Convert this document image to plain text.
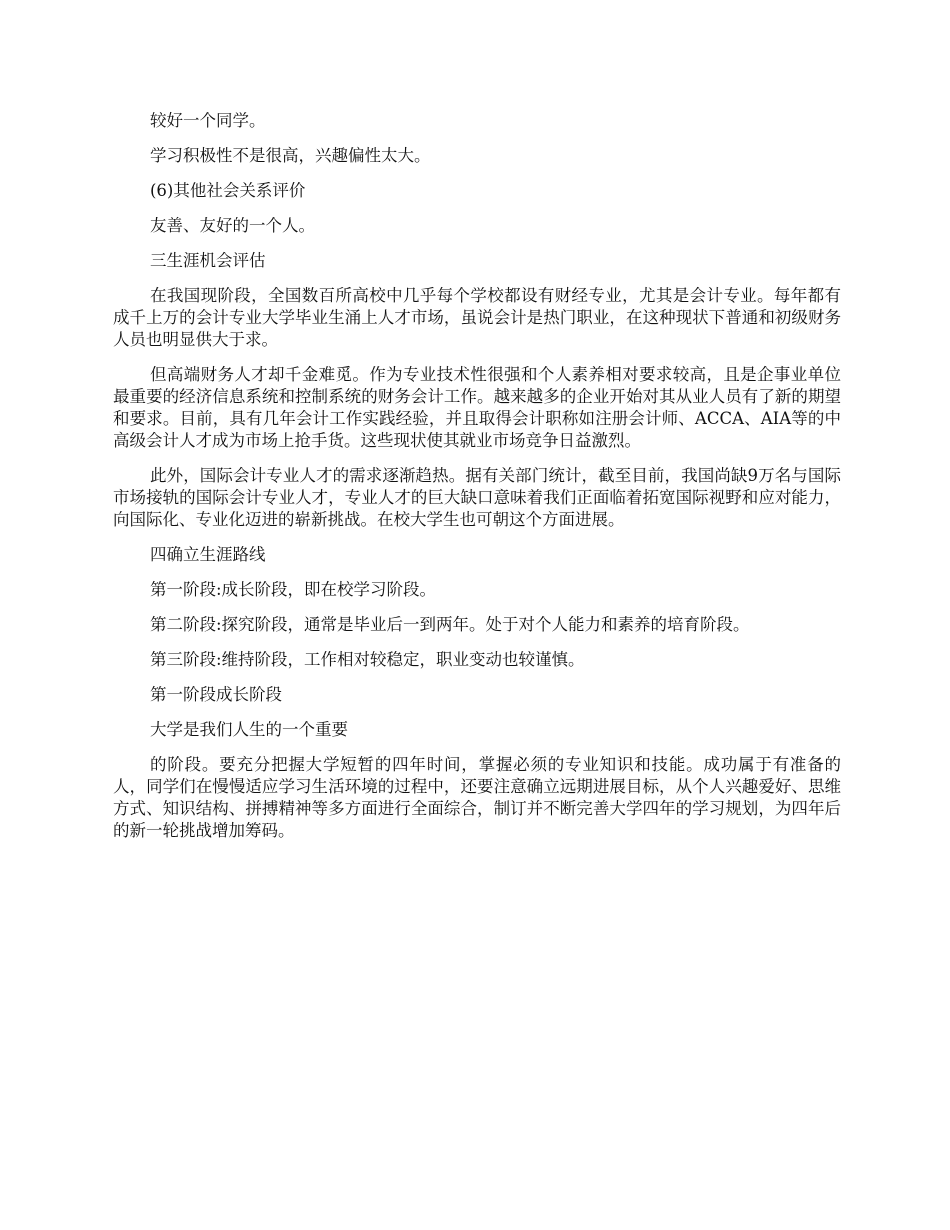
较好一个同学。

学习积极性不是很高，兴趣偏性太大。

(6)其他社会关系评价

友善、友好的一个人。

三生涯机会评估

在我国现阶段，全国数百所高校中几乎每个学校都设有财经专业，尤其是会计专业。每年都有成千上万的会计专业大学毕业生涌上人才市场，虽说会计是热门职业，在这种现状下普通和初级财务人员也明显供大于求。

但高端财务人才却千金难觅。作为专业技术性很强和个人素养相对要求较高，且是企事业单位最重要的经济信息系统和控制系统的财务会计工作。越来越多的企业开始对其从业人员有了新的期望和要求。目前，具有几年会计工作实践经验，并且取得会计职称如注册会计师、ACCA、AIA等的中高级会计人才成为市场上抢手货。这些现状使其就业市场竞争日益激烈。

此外，国际会计专业人才的需求逐渐趋热。据有关部门统计，截至目前，我国尚缺9万名与国际市场接轨的国际会计专业人才，专业人才的巨大缺口意味着我们正面临着拓宽国际视野和应对能力，向国际化、专业化迈进的崭新挑战。在校大学生也可朝这个方面进展。

四确立生涯路线

第一阶段:成长阶段，即在校学习阶段。

第二阶段:探究阶段，通常是毕业后一到两年。处于对个人能力和素养的培育阶段。

第三阶段:维持阶段，工作相对较稳定，职业变动也较谨慎。

第一阶段成长阶段

大学是我们人生的一个重要

的阶段。要充分把握大学短暂的四年时间，掌握必须的专业知识和技能。成功属于有准备的人，同学们在慢慢适应学习生活环境的过程中，还要注意确立远期进展目标，从个人兴趣爱好、思维方式、知识结构、拼搏精神等多方面进行全面综合，制订并不断完善大学四年的学习规划，为四年后的新一轮挑战增加筹码。
